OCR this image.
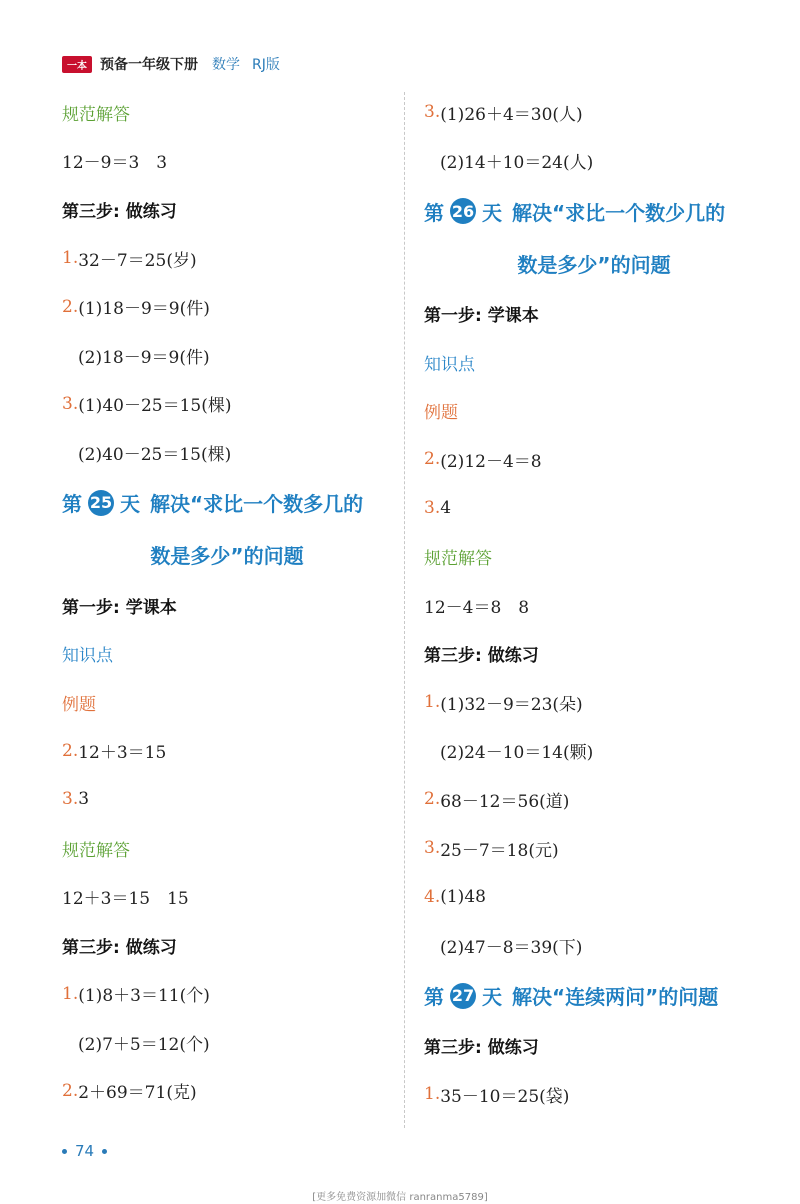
一本 预备一年级下册 数学 RJ版
规范解答
12－9＝3　3
第三步: 做练习
1. 32－7＝25(岁)
2. (1)18－9＝9(件)
(2)18－9＝9(件)
3. (1)40－25＝15(棵)
(2)40－25＝15(棵)
第 25 天 解决“求比一个数多几的
数是多少”的问题
第一步: 学课本
知识点
例题
2. 12＋3＝15
3. 3
规范解答
12＋3＝15　15
第三步: 做练习
1. (1)8＋3＝11(个)
(2)7＋5＝12(个)
2. 2＋69＝71(克)
3. (1)26＋4＝30(人)
(2)14＋10＝24(人)
第 26 天 解决“求比一个数少几的
数是多少”的问题
第一步: 学课本
知识点
例题
2. (2)12－4＝8
3. 4
规范解答
12－4＝8　8
第三步: 做练习
1. (1)32－9＝23(朵)
(2)24－10＝14(颗)
2. 68－12＝56(道)
3. 25－7＝18(元)
4. (1)48
(2)47－8＝39(下)
第 27 天 解决“连续两问”的问题
第三步: 做练习
1. 35－10＝25(袋)
74
[更多免费资源加微信 ranranma5789]
